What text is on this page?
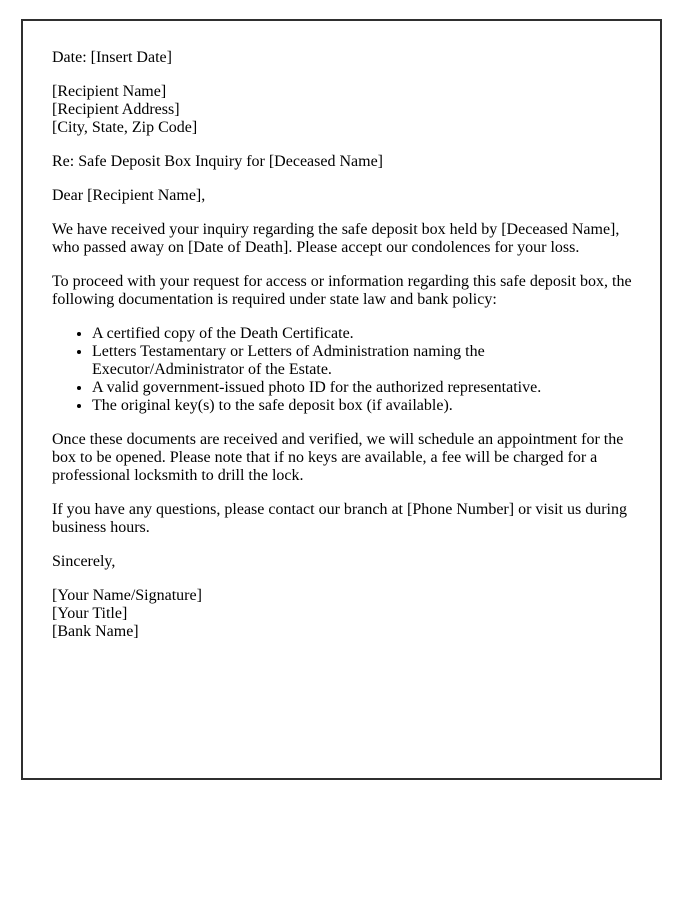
Date: [Insert Date]

[Recipient Name]
[Recipient Address]
[City, State, Zip Code]

Re: Safe Deposit Box Inquiry for [Deceased Name]

Dear [Recipient Name],

We have received your inquiry regarding the safe deposit box held by [Deceased Name],
who passed away on [Date of Death]. Please accept our condolences for your loss.

To proceed with your request for access or information regarding this safe deposit box, the
following documentation is required under state law and bank policy:

• A certified copy of the Death Certificate.
• Letters Testamentary or Letters of Administration naming the
Executor/Administrator of the Estate.
• A valid government-issued photo ID for the authorized representative.
• The original key(s) to the safe deposit box (if available).

Once these documents are received and verified, we will schedule an appointment for the
box to be opened. Please note that if no keys are available, a fee will be charged for a
professional locksmith to drill the lock.

If you have any questions, please contact our branch at [Phone Number] or visit us during
business hours.

Sincerely,

[Your Name/Signature]
[Your Title]
[Bank Name]
